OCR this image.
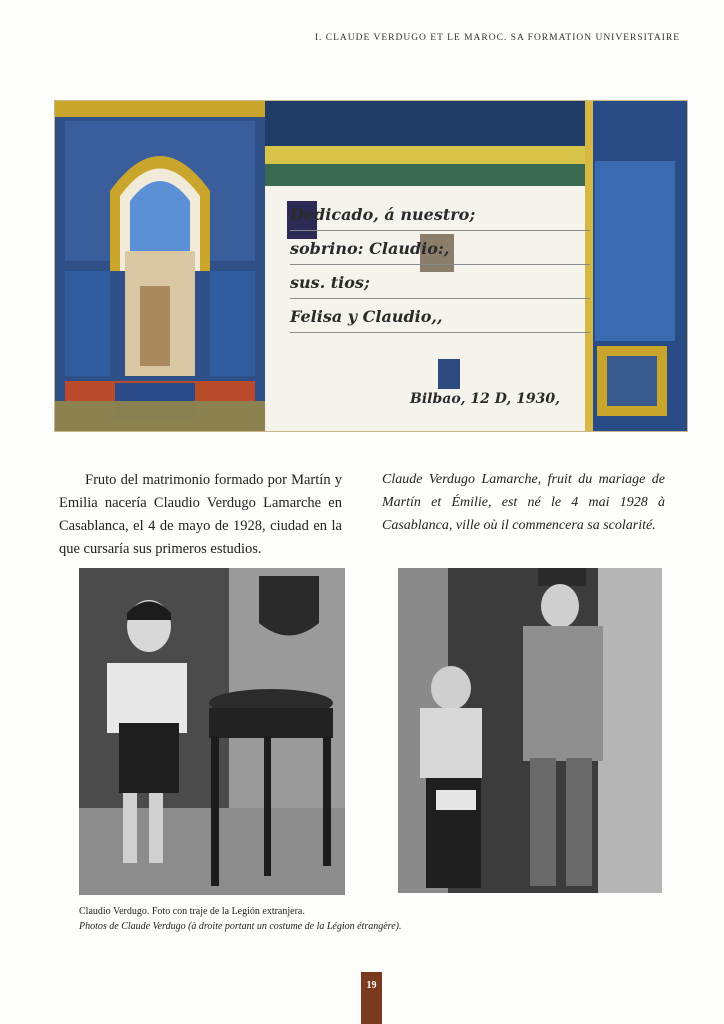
I. CLAUDE VERDUGO ET LE MAROC. SA FORMATION UNIVERSITAIRE
Dedicado, á nuestro;
sobrino: Claudio:,
sus. tios;
Felisa y Claudio,,
Bilbao, 12 D, 1930,

Fruto del matrimonio formado por Martín y Emilia nacería Claudio Verdugo Lamarche en Casablanca, el 4 de mayo de 1928, ciudad en la que cursaría sus primeros estudios.

Claude Verdugo Lamarche, fruit du mariage de Martín et Émilie, est né le 4 mai 1928 à Casablanca, ville où il commencera sa scolarité.

Claudio Verdugo. Foto con traje de la Legión extranjera.
Photos de Claude Verdugo (à droite portant un costume de la Légion étrangère).
19
